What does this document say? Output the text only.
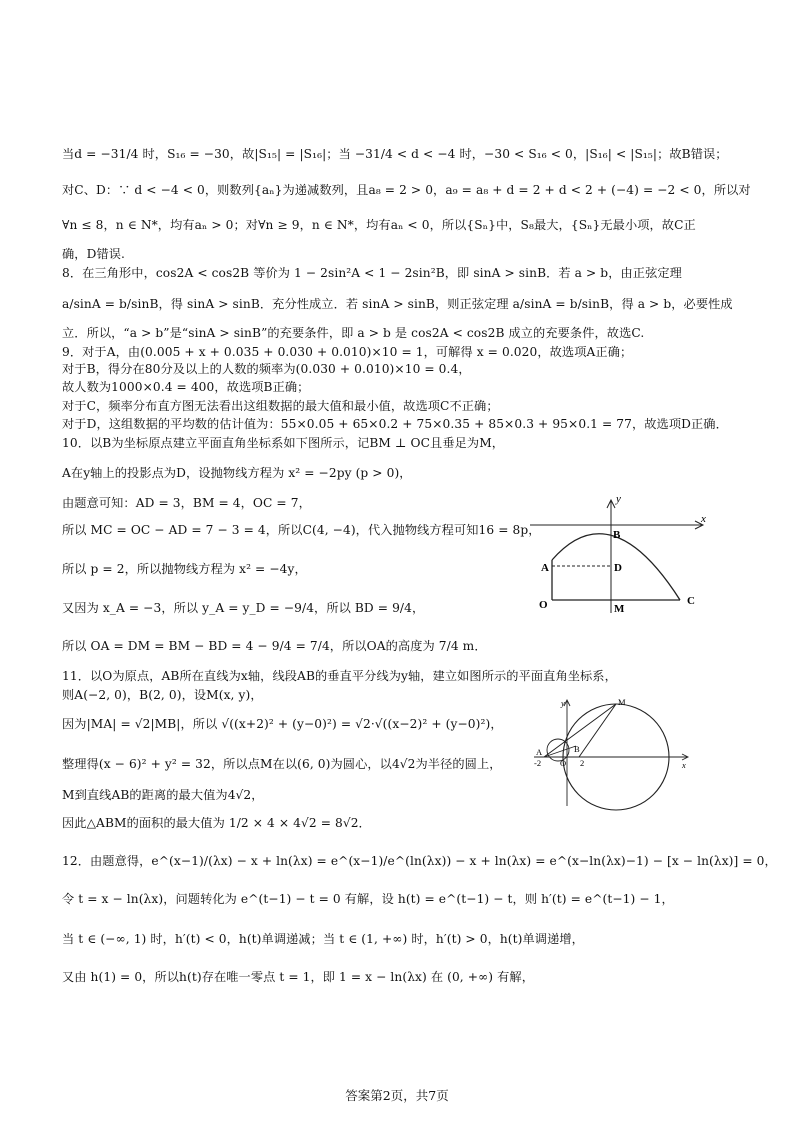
当d = −31/4 时，S₁₆ = −30，故|S₁₅| = |S₁₆|；当 −31/4 < d < −4 时，−30 < S₁₆ < 0，|S₁₆| < |S₁₅|；故B错误；
对C、D：∵ d < −4 < 0，则数列{aₙ}为递减数列，且a₈ = 2 > 0，a₉ = a₈ + d = 2 + d < 2 + (−4) = −2 < 0，所以对
∀n ≤ 8，n ∈ N*，均有aₙ > 0；对∀n ≥ 9，n ∈ N*，均有aₙ < 0，所以{Sₙ}中，S₈最大，{Sₙ}无最小项，故C正
确，D错误.
8．在三角形中，cos2A < cos2B 等价为 1 − 2sin²A < 1 − 2sin²B，即 sinA > sinB．若 a > b，由正弦定理
a/sinA = b/sinB，得 sinA > sinB．充分性成立．若 sinA > sinB，则正弦定理 a/sinA = b/sinB，得 a > b，必要性成
立．所以，“a > b”是“sinA > sinB”的充要条件，即 a > b 是 cos2A < cos2B 成立的充要条件，故选C.
9．对于A，由(0.005 + x + 0.035 + 0.030 + 0.010)×10 = 1，可解得 x = 0.020，故选项A正确；
对于B，得分在80分及以上的人数的频率为(0.030 + 0.010)×10 = 0.4，
故人数为1000×0.4 = 400，故选项B正确；
对于C，频率分布直方图无法看出这组数据的最大值和最小值，故选项C不正确；
对于D，这组数据的平均数的估计值为：55×0.05 + 65×0.2 + 75×0.35 + 85×0.3 + 95×0.1 = 77，故选项D正确．
10．以B为坐标原点建立平面直角坐标系如下图所示，记BM ⊥ OC且垂足为M，
A在y轴上的投影点为D，设抛物线方程为 x² = −2py (p > 0)，
由题意可知：AD = 3，BM = 4，OC = 7，
所以 MC = OC − AD = 7 − 3 = 4，所以C(4, −4)，代入抛物线方程可知16 = 8p，
所以 p = 2，所以抛物线方程为 x² = −4y，
又因为 x_A = −3，所以 y_A = y_D = −9/4，所以 BD = 9/4，
所以 OA = DM = BM − BD = 4 − 9/4 = 7/4，所以OA的高度为 7/4 m．
11．以O为原点，AB所在直线为x轴，线段AB的垂直平分线为y轴，建立如图所示的平面直角坐标系，
则A(−2, 0)，B(2, 0)，设M(x, y)，
因为|MA| = √2|MB|，所以 √((x+2)² + (y−0)²) = √2·√((x−2)² + (y−0)²)，
整理得(x − 6)² + y² = 32，所以点M在以(6, 0)为圆心，以4√2为半径的圆上，
M到直线AB的距离的最大值为4√2，
因此△ABM的面积的最大值为 1/2 × 4 × 4√2 = 8√2．
12．由题意得，e^(x−1)/(λx) − x + ln(λx) = e^(x−1)/e^(ln(λx)) − x + ln(λx) = e^(x−ln(λx)−1) − [x − ln(λx)] = 0，
令 t = x − ln(λx)，问题转化为 e^(t−1) − t = 0 有解，设 h(t) = e^(t−1) − t，则 h′(t) = e^(t−1) − 1，
当 t ∈ (−∞, 1) 时，h′(t) < 0，h(t)单调递减；当 t ∈ (1, +∞) 时，h′(t) > 0，h(t)单调递增，
又由 h(1) = 0，所以h(t)存在唯一零点 t = 1，即 1 = x − ln(λx) 在 (0, +∞) 有解，
y
x
B
A	D
O	M
C
y
x
M
A
O
B
-2	2
答案第2页，共7页
